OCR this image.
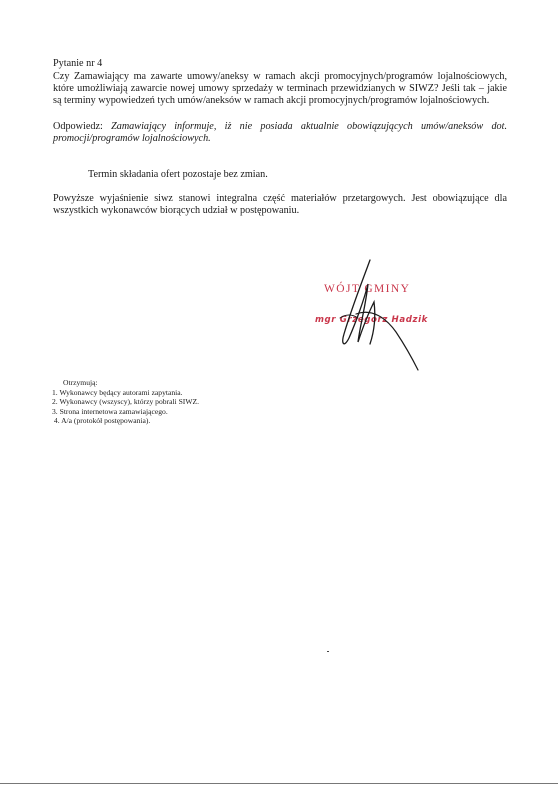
Pytanie nr 4
Czy Zamawiający ma zawarte umowy/aneksy w ramach akcji promocyjnych/programów lojalnościowych, które umożliwiają zawarcie nowej umowy sprzedaży w terminach przewidzianych w SIWZ? Jeśli tak – jakie są terminy wypowiedzeń tych umów/aneksów w ramach akcji promocyjnych/programów lojalnościowych.
Odpowiedz: Zamawiający informuje, iż nie posiada aktualnie obowiązujących umów/aneksów dot. promocji/programów lojalnościowych.
Termin składania ofert pozostaje bez zmian.
Powyższe wyjaśnienie siwz stanowi integralna część materiałów przetargowych. Jest obowiązujące dla wszystkich wykonawców biorących udział w postępowaniu.
WÓJT GMINY
mgr Grzegorz Hadzik
Otrzymują:
1. Wykonawcy będący autorami zapytania.
2. Wykonawcy (wszyscy), którzy pobrali SIWZ.
3. Strona internetowa zamawiającego.
4. A/a (protokół postępowania).
